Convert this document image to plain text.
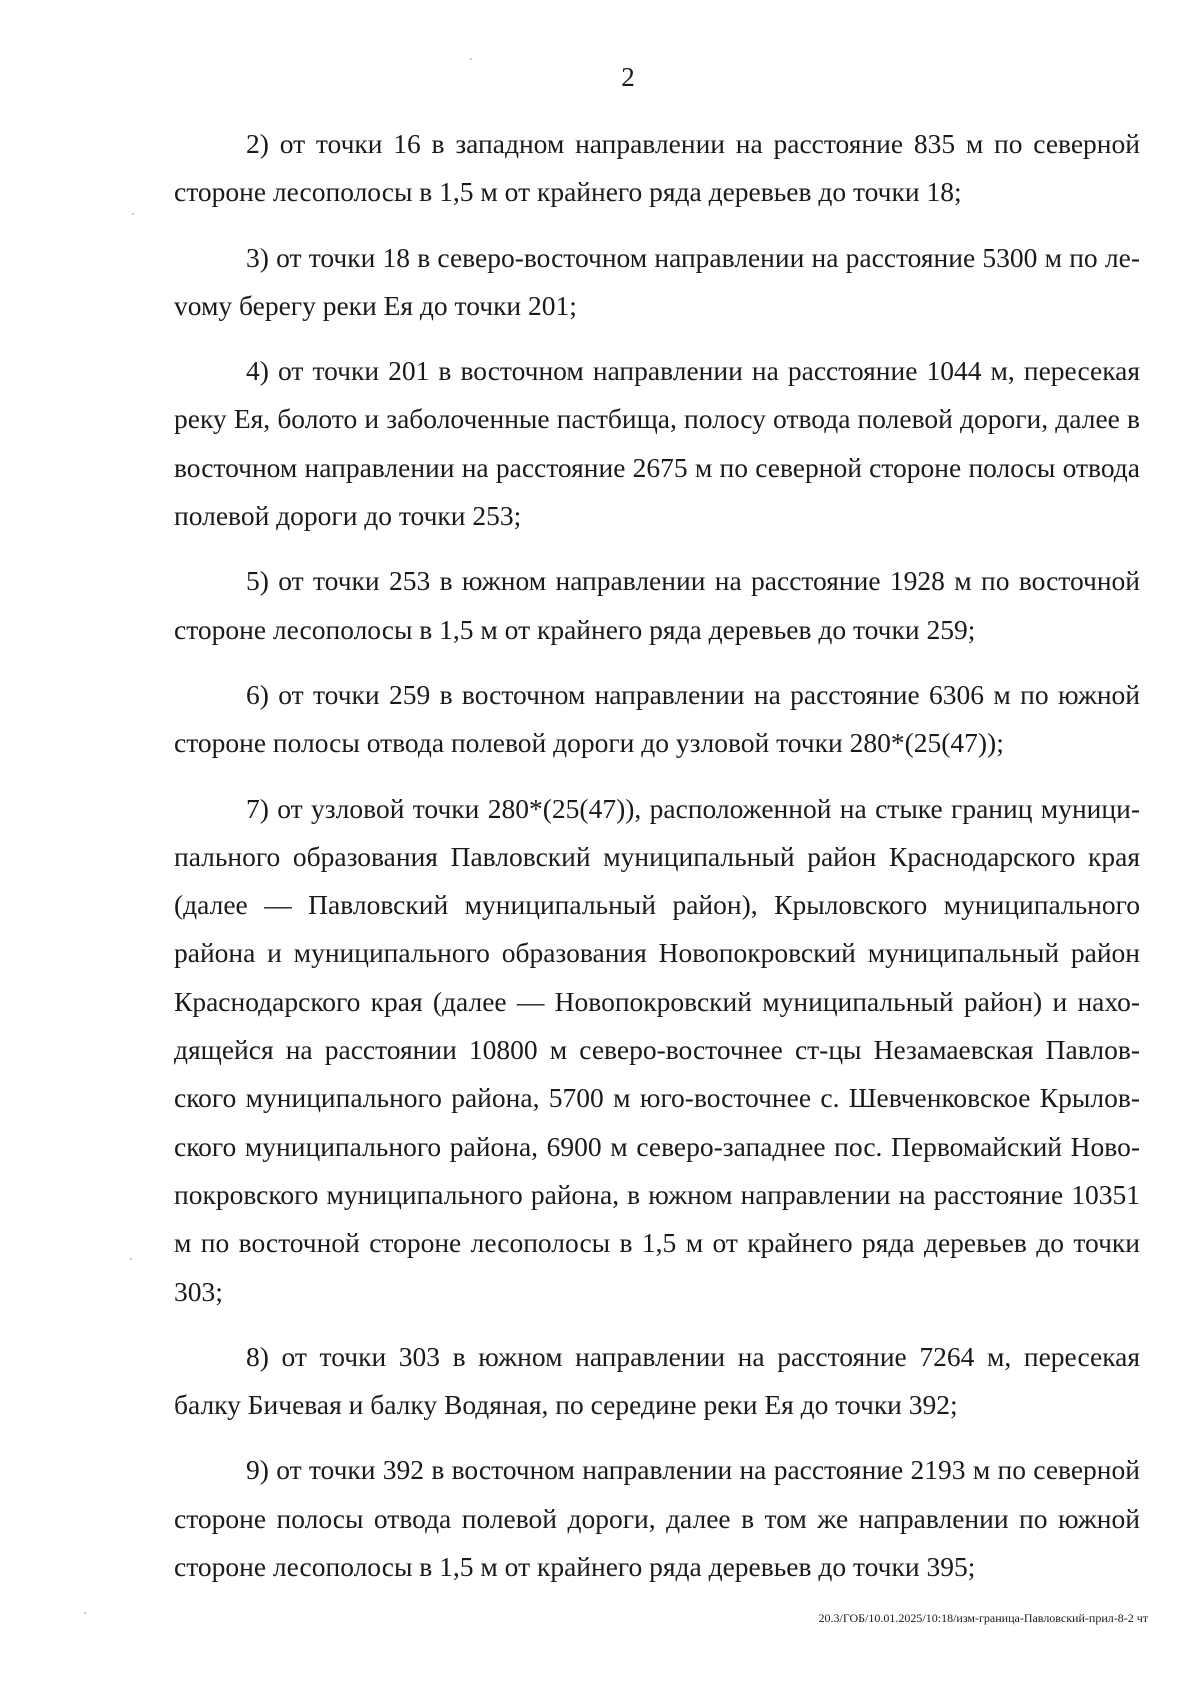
2

2) от точки 16 в западном направлении на расстояние 835 м по северной стороне лесополосы в 1,5 м от крайнего ряда деревьев до точки 18;

3) от точки 18 в северо-восточном направлении на расстояние 5300 м по леvому берегу реки Ея до точки 201;

4) от точки 201 в восточном направлении на расстояние 1044 м, пересекая реку Ея, болото и заболоченные пастбища, полосу отвода полевой дороги, далее в восточном направлении на расстояние 2675 м по северной стороне полосы отвода полевой дороги до точки 253;

5) от точки 253 в южном направлении на расстояние 1928 м по восточной стороне лесополосы в 1,5 м от крайнего ряда деревьев до точки 259;

6) от точки 259 в восточном направлении на расстояние 6306 м по южной стороне полосы отвода полевой дороги до узловой точки 280*(25(47));

7) от узловой точки 280*(25(47)), расположенной на стыке границ муниципального образования Павловский муниципальный район Краснодарского края (далее — Павловский муниципальный район), Крыловского муниципального района и муниципального образования Новопокровский муниципальный район Краснодарского края (далее — Новопокровский муниципальный район) и находящейся на расстоянии 10800 м северо-восточнее ст-цы Незамаевская Павловского муниципального района, 5700 м юго-восточнее с. Шевченковское Крыловского муниципального района, 6900 м северо-западнее пос. Первомайский Новопокровского муниципального района, в южном направлении на расстояние 10351 м по восточной стороне лесополосы в 1,5 м от крайнего ряда деревьев до точки 303;

8) от точки 303 в южном направлении на расстояние 7264 м, пересекая балку Бичевая и балку Водяная, по середине реки Ея до точки 392;

9) от точки 392 в восточном направлении на расстояние 2193 м по северной стороне полосы отвода полевой дороги, далее в том же направлении по южной стороне лесополосы в 1,5 м от крайнего ряда деревьев до точки 395;

20.3/ГОБ/10.01.2025/10:18/изм-граница-Павловский-прил-8-2 чт
